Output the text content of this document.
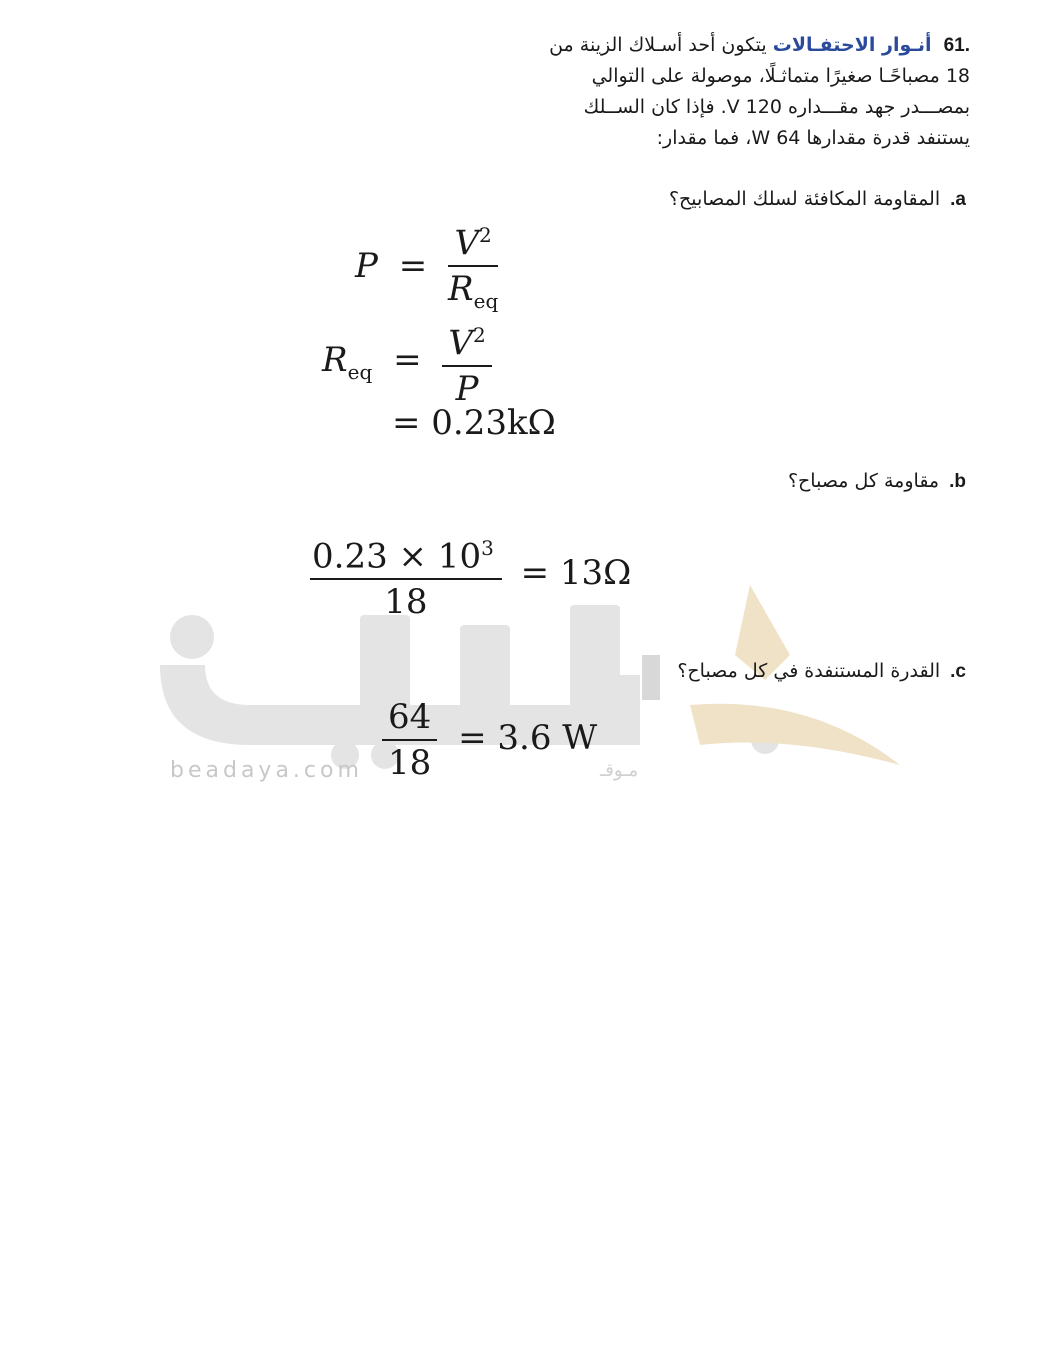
beadaya.com	مـوقـ
61. أنـوار الاحتفـالات يتكون أحد أسـلاك الزينة من
18 مصباحًـا صغيرًا متماثـلًا، موصولة على التوالي
بمصـــدر جهد مقـــداره 120 V. فإذا كان الســلك
يستنفد قدرة مقدارها 64 W، فما مقدار:
a.المقاومة المكافئة لسلك المصابيح؟
$P = \frac{V^2}{R_{eq}}$
$R_{eq} = \frac{V^2}{P}$
= 0.23kΩ
b.مقاومة كل مصباح؟
$\frac{0.23 \times 10^3}{18} = 13\Omega$
c.القدرة المستنفدة في كل مصباح؟
$\frac{64}{18} = 3.6$ W
